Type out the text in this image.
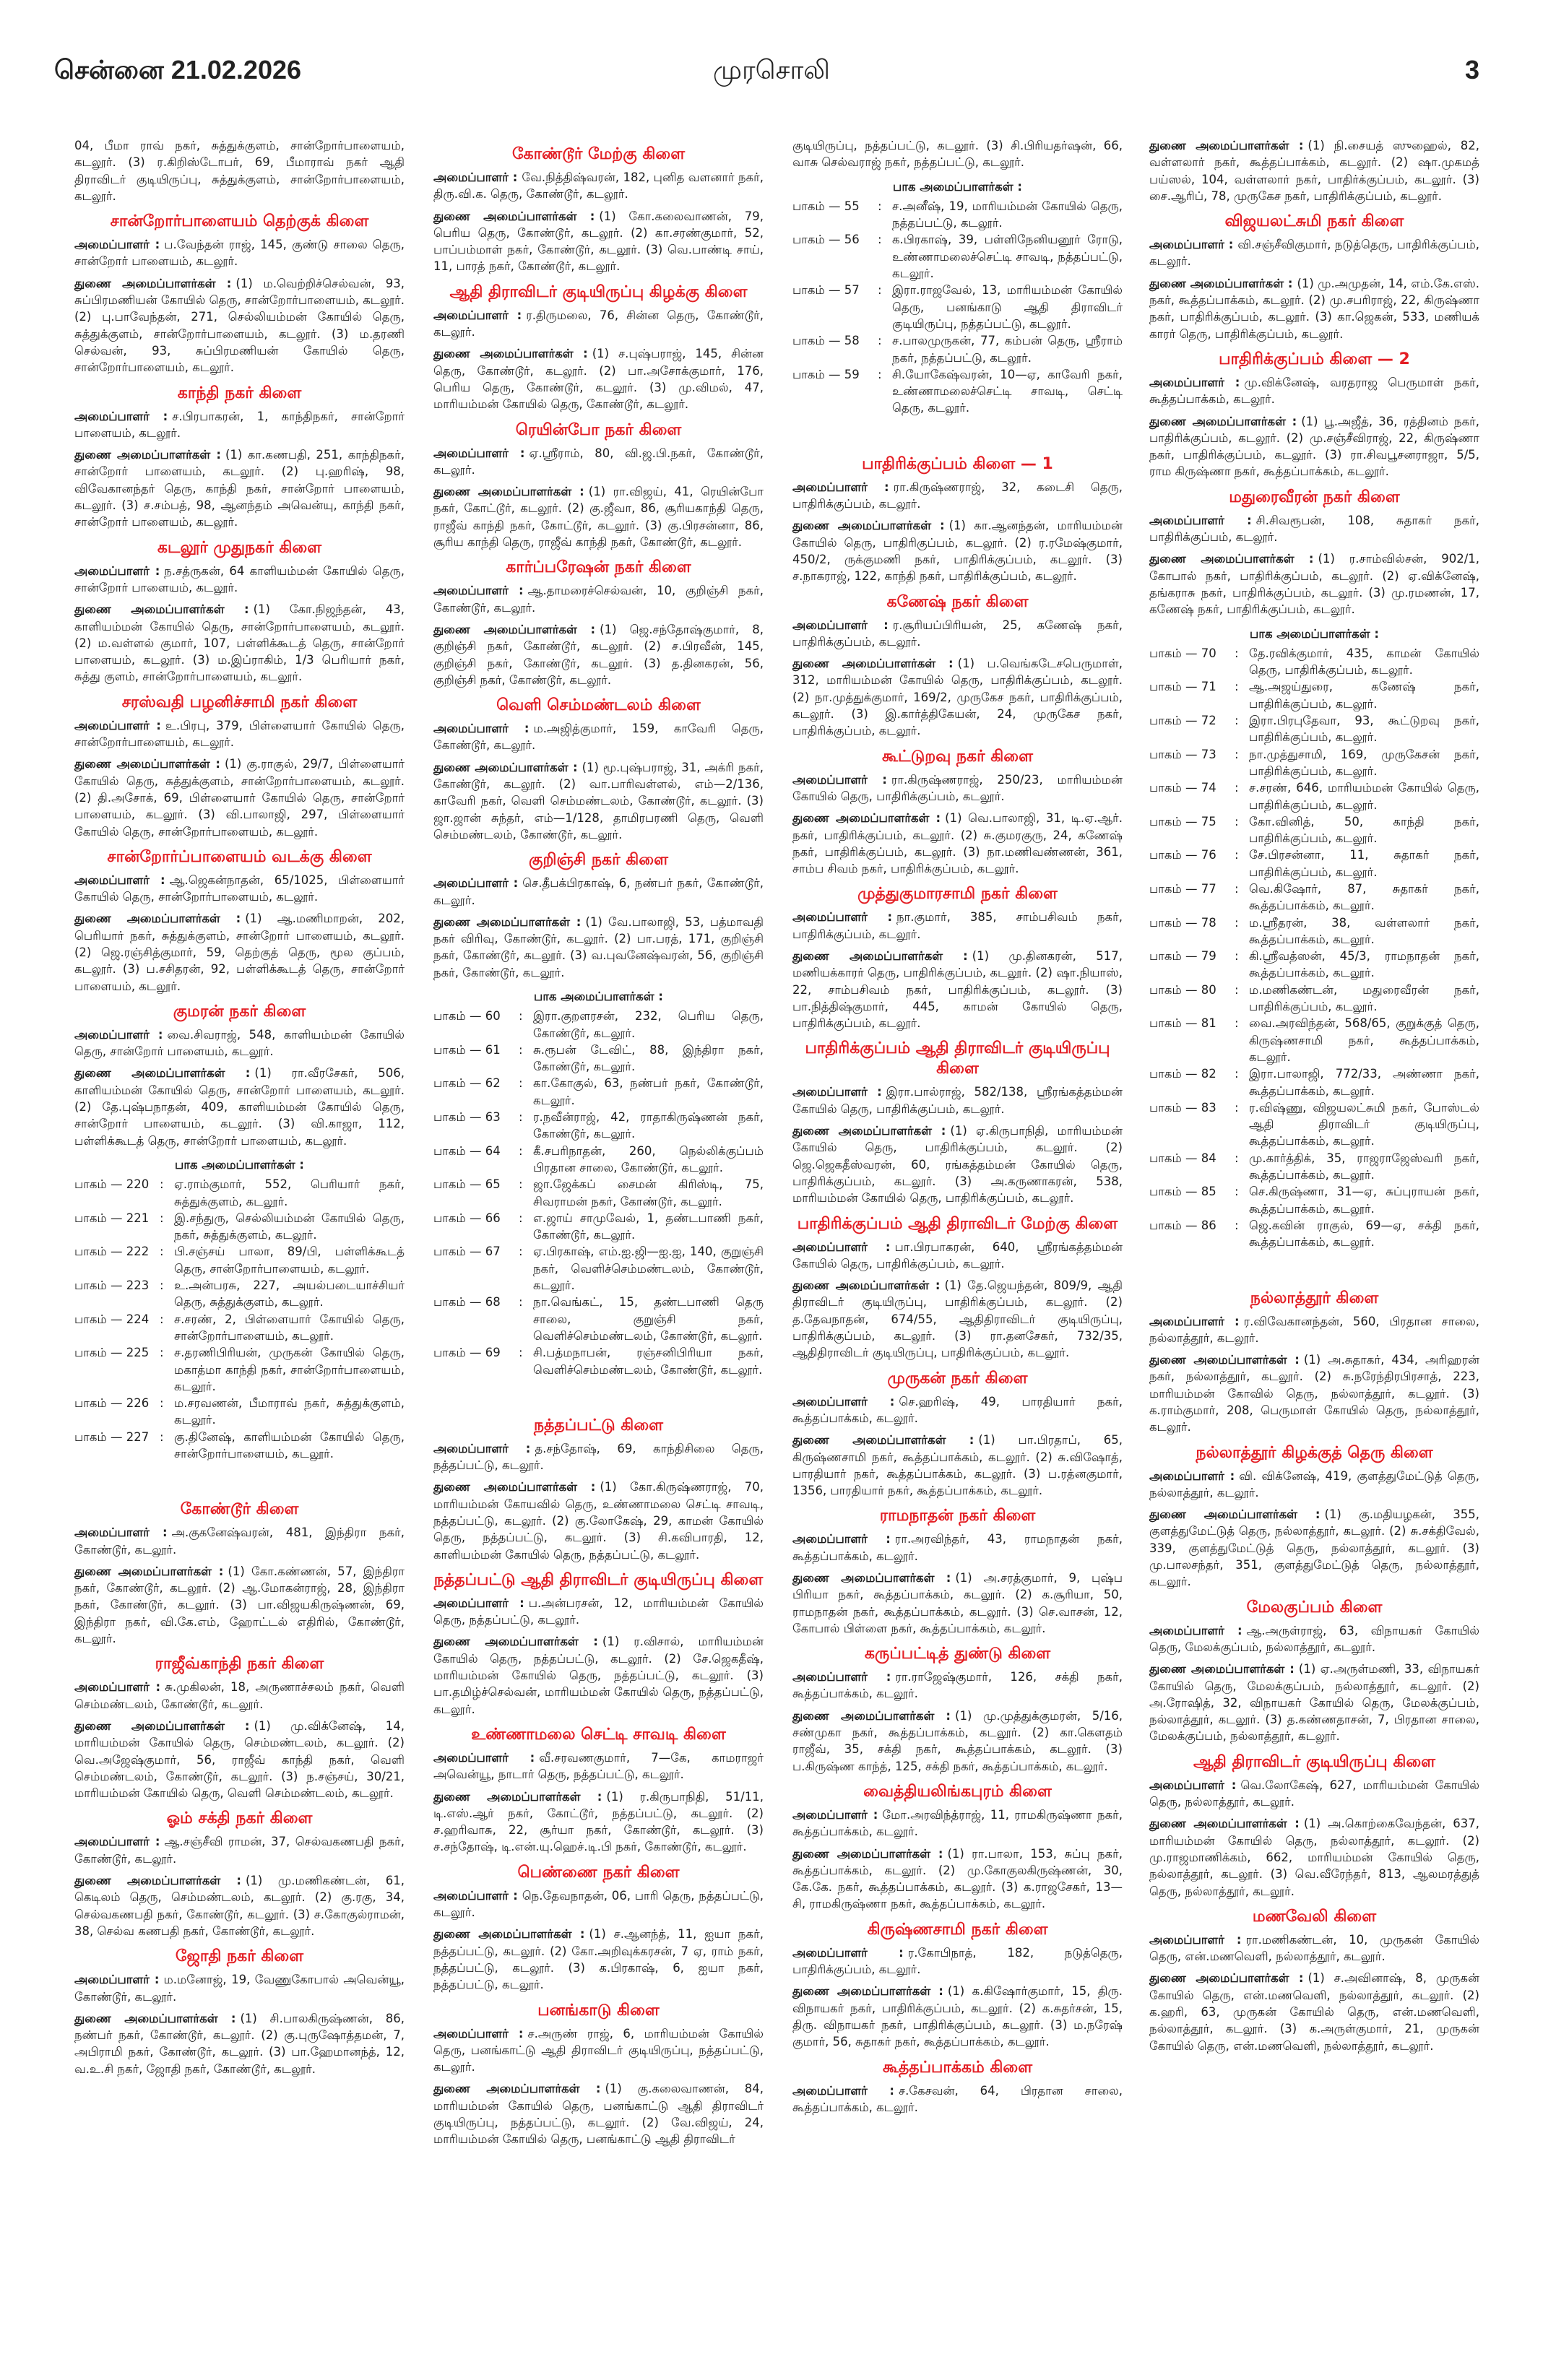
சென்னை 21.02.2026	முரசொலி	3
04, பீமா ராவ் நகர், சுத்துக்குளம், சான்றோர்பாளையம், கடலூர். (3) ர.கிறிஸ்டோபர், 69, பீமாராவ் நகர் ஆதி திராவிடர் குடியிருப்பு, சுத்துக்குளம், சான்றோர்பாளையம், கடலூர்.
சான்றோர்பாளையம் தெற்குக் கிளை
அமைப்பாளர் : ப.வேந்தன் ராஜ், 145, குண்டு சாலை தெரு, சான்றோர் பாளையம், கடலூர்.
துணை அமைப்பாளர்கள் : (1) ம.வெற்றிச்செல்வன், 93, சுப்பிரமணியன் கோயில் தெரு, சான்றோர்பாளையம், கடலூர். (2) பு.பாவேந்தன், 271, செல்லியம்மன் கோயில் தெரு, சுத்துக்குளம், சான்றோர்பாளையம், கடலூர். (3) ம.தரணி செல்வன், 93, சுப்பிரமணியன் கோயில் தெரு, சான்றோர்பாளையம், கடலூர்.
காந்தி நகர் கிளை
அமைப்பாளர் : ச.பிரபாகரன், 1, காந்திநகர், சான்றோர் பாளையம், கடலூர்.
துணை அமைப்பாளர்கள் : (1) கா.கணபதி, 251, காந்திநகர், சான்றோர் பாளையம், கடலூர். (2) பு.ஹரிஷ், 98, விவேகானந்தர் தெரு, காந்தி நகர், சான்றோர் பாளையம், கடலூர். (3) ச.சம்பத், 98, ஆனந்தம் அவென்யு, காந்தி நகர், சான்றோர் பாளையம், கடலூர்.
கடலூர் முதுநகர் கிளை
அமைப்பாளர் : ந.சத்ருகன், 64 காளியம்மன் கோயில் தெரு, சான்றோர் பாளையம், கடலூர்.
துணை அமைப்பாளர்கள் : (1) கோ.நிஜந்தன், 43, காளியம்மன் கோயில் தெரு, சான்றோர்பாளையம், கடலூர். (2) ம.வள்ளல் குமார், 107, பள்ளிக்கூடத் தெரு, சான்றோர் பாளையம், கடலூர். (3) ம.இப்ராகிம், 1/3 பெரியார் நகர், சுத்து குளம், சான்றோர்பாளையம், கடலூர்.
சரஸ்வதி பழனிச்சாமி நகர் கிளை
அமைப்பாளர் : உ.பிரபு, 379, பிள்ளையார் கோயில் தெரு, சான்றோர்பாளையம், கடலூர்.
துணை அமைப்பாளர்கள் : (1) கு.ராகுல், 29/7, பிள்ளையார் கோயில் தெரு, சுத்துக்குளம், சான்றோர்பாளையம், கடலூர். (2) தி.அசோக், 69, பிள்ளையார் கோயில் தெரு, சான்றோர் பாளையம், கடலூர். (3) வி.பாலாஜி, 297, பிள்ளையார் கோயில் தெரு, சான்றோர்பாளையம், கடலூர்.
சான்றோர்ப்பாளையம் வடக்கு கிளை
அமைப்பாளர் : ஆ.ஜெகன்நாதன், 65/1025, பிள்ளையார் கோயில் தெரு, சான்றோர்பாளையம், கடலூர்.
துணை அமைப்பாளர்கள் : (1) ஆ.மணிமாறன், 202, பெரியார் நகர், சுத்துக்குளம், சான்றோர் பாளையம், கடலூர். (2) ஜெ.ரஞ்சித்குமார், 59, தெற்குத் தெரு, மூல குப்பம், கடலூர். (3) ப.சசிதரன், 92, பள்ளிக்கூடத் தெரு, சான்றோர் பாளையம், கடலூர்.
குமரன் நகர் கிளை
அமைப்பாளர் : வை.சிவராஜ், 548, காளியம்மன் கோயில் தெரு, சான்றோர் பாளையம், கடலூர்.
துணை அமைப்பாளர்கள் : (1) ரா.வீரசேகர், 506, காளியம்மன் கோயில் தெரு, சான்றோர் பாளையம், கடலூர். (2) தே.புஷ்பநாதன், 409, காளியம்மன் கோயில் தெரு, சான்றோர் பாளையம், கடலூர். (3) வி.காஜா, 112, பள்ளிக்கூடத் தெரு, சான்றோர் பாளையம், கடலூர்.
பாக அமைப்பாளர்கள் :
பாகம் — 220 : ஏ.ராம்குமார், 552, பெரியார் நகர், சுத்துக்குளம், கடலூர்.
பாகம் — 221 : இ.சந்துரு, செல்லியம்மன் கோயில் தெரு, நகர், சுத்துக்குளம், கடலூர்.
பாகம் — 222 : பி.சஞ்சய் பாலா, 89/பி, பள்ளிக்கூடத் தெரு, சான்றோர்பாளையம், கடலூர்.
பாகம் — 223 : உ.அன்பரசு, 227, அயல்படையாச்சியர் தெரு, சுத்துக்குளம், கடலூர்.
பாகம் — 224 : ச.சரண், 2, பிள்ளையார் கோயில் தெரு, சான்றோர்பாளையம், கடலூர்.
பாகம் — 225 : ச.தரணிபிரியன், முருகன் கோயில் தெரு, மகாத்மா காந்தி நகர், சான்றோர்பாளையம், கடலூர்.
பாகம் — 226 : ம.சரவணன், பீமாராவ் நகர், சுத்துக்குளம், கடலூர்.
பாகம் — 227 : கு.தினேஷ், காளியம்மன் கோயில் தெரு, சான்றோர்பாளையம், கடலூர்.
கோண்டூர் கிளை
அமைப்பாளர் : அ.குகனேஷ்வரன், 481, இந்திரா நகர், கோண்டூர், கடலூர்.
துணை அமைப்பாளர்கள் : (1) கோ.கண்ணன், 57, இந்திரா நகர், கோண்டூர், கடலூர். (2) ஆ.மோகன்ராஜ், 28, இந்திரா நகர், கோண்டூர், கடலூர். (3) பா.விஜயகிருஷ்ணன், 69, இந்திரா நகர், வி.கே.எம், ஹோட்டல் எதிரில், கோண்டூர், கடலூர்.
ராஜீவ்காந்தி நகர் கிளை
அமைப்பாளர் : சு.முகிலன், 18, அருணாச்சலம் நகர், வெளி செம்மண்டலம், கோண்டூர், கடலூர்.
துணை அமைப்பாளர்கள் : (1) மு.விக்னேஷ், 14, மாரியம்மன் கோயில் தெரு, செம்மண்டலம், கடலூர். (2) வெ.அஜேஷ்குமார், 56, ராஜீவ் காந்தி நகர், வெளி செம்மண்டலம், கோண்டூர், கடலூர். (3) ந.சஞ்சய், 30/21, மாரியம்மன் கோயில் தெரு, வெளி செம்மண்டலம், கடலூர்.
ஓம் சக்தி நகர் கிளை
அமைப்பாளர் : ஆ.சஞ்சீவி ராமன், 37, செல்வகணபதி நகர், கோண்டூர், கடலூர்.
துணை அமைப்பாளர்கள் : (1) மு.மணிகண்டன், 61, கெடிலம் தெரு, செம்மண்டலம், கடலூர். (2) கு.ரகு, 34, செல்வகணபதி நகர், கோண்டூர், கடலூர். (3) ச.கோகுல்ராமன், 38, செல்வ கணபதி நகர், கோண்டூர், கடலூர்.
ஜோதி நகர் கிளை
அமைப்பாளர் : ம.மனோஜ், 19, வேணுகோபால் அவென்யூ, கோண்டூர், கடலூர்.
துணை அமைப்பாளர்கள் : (1) சி.பாலகிருஷ்ணன், 86, நண்பர் நகர், கோண்டூர், கடலூர். (2) கு.புருஷோத்தமன், 7, அபிராமி நகர், கோண்டூர், கடலூர். (3) பா.ஹேமானந்த், 12, வ.உ.சி நகர், ஜோதி நகர், கோண்டூர், கடலூர்.
கோண்டூர் மேற்கு கிளை
அமைப்பாளர் : வே.நித்திஷ்வரன், 182, புனித வளனார் நகர், திரு.வி.க. தெரு, கோண்டூர், கடலூர்.
துணை அமைப்பாளர்கள் : (1) கோ.கலைவாணன், 79, பெரிய தெரு, கோண்டூர், கடலூர். (2) கா.சரண்குமார், 52, பாப்பம்மாள் நகர், கோண்டூர், கடலூர். (3) வெ.பாண்டி சாய், 11, பாரத் நகர், கோண்டூர், கடலூர்.
ஆதி திராவிடர் குடியிருப்பு கிழக்கு கிளை
அமைப்பாளர் : ர.திருமலை, 76, சின்ன தெரு, கோண்டூர், கடலூர்.
துணை அமைப்பாளர்கள் : (1) ச.புஷ்பராஜ், 145, சின்ன தெரு, கோண்டூர், கடலூர். (2) பா.அசோக்குமார், 176, பெரிய தெரு, கோண்டூர், கடலூர். (3) மு.விமல், 47, மாரியம்மன் கோயில் தெரு, கோண்டூர், கடலூர்.
ரெயின்போ நகர் கிளை
அமைப்பாளர் : ஏ.ஸ்ரீராம், 80, வி.ஜ.பி.நகர், கோண்டூர், கடலூர்.
துணை அமைப்பாளர்கள் : (1) ரா.விஜய், 41, ரெயின்போ நகர், கோட்டூர், கடலூர். (2) கு.ஜீவா, 86, சூரியகாந்தி தெரு, ராஜீவ் காந்தி நகர், கோட்டூர், கடலூர். (3) கு.பிரசன்னா, 86, சூரிய காந்தி தெரு, ராஜீவ் காந்தி நகர், கோண்டூர், கடலூர்.
கார்ப்பரேஷன் நகர் கிளை
அமைப்பாளர் : ஆ.தாமரைச்செல்வன், 10, குறிஞ்சி நகர், கோண்டூர், கடலூர்.
துணை அமைப்பாளர்கள் : (1) ஜெ.சந்தோஷ்குமார், 8, குறிஞ்சி நகர், கோண்டூர், கடலூர். (2) ச.பிரவீன், 145, குறிஞ்சி நகர், கோண்டூர், கடலூர். (3) த.தினகரன், 56, குறிஞ்சி நகர், கோண்டூர், கடலூர்.
வெளி செம்மண்டலம் கிளை
அமைப்பாளர் : ம.அஜித்குமார், 159, காவேரி தெரு, கோண்டூர், கடலூர்.
துணை அமைப்பாளர்கள் : (1) மூ.புஷ்பராஜ், 31, அக்ரி நகர், கோண்டூர், கடலூர். (2) வா.பாரிவள்ளல், எம்—2/136, காவேரி நகர், வெளி செம்மண்டலம், கோண்டூர், கடலூர். (3) ஜா.ஜான் சுந்தர், எம்—1/128, தாமிரபரணி தெரு, வெளி செம்மண்டலம், கோண்டூர், கடலூர்.
குறிஞ்சி நகர் கிளை
அமைப்பாளர் : செ.தீபக்பிரகாஷ், 6, நண்பர் நகர், கோண்டூர், கடலூர்.
துணை அமைப்பாளர்கள் : (1) வே.பாலாஜி, 53, பத்மாவதி நகர் விரிவு, கோண்டூர், கடலூர். (2) பா.பரத், 171, குறிஞ்சி நகர், கோண்டூர், கடலூர். (3) வ.புவனேஷ்வரன், 56, குறிஞ்சி நகர், கோண்டூர், கடலூர்.
பாக அமைப்பாளர்கள் :
பாகம் — 60	: இரா.குறளரசன், 232, பெரிய தெரு, கோண்டூர், கடலூர்.
பாகம் — 61	: சு.ரூபன் டேவிட், 88, இந்திரா நகர், கோண்டூர், கடலூர்.
பாகம் — 62	: கா.கோகுல், 63, நண்பர் நகர், கோண்டூர், கடலூர்.
பாகம் — 63	: ர.நவீன்ராஜ், 42, ராதாகிருஷ்ணன் நகர், கோண்டூர், கடலூர்.
பாகம் — 64	: கீ.சபரிநாதன், 260, நெல்லிக்குப்பம் பிரதான சாலை, கோண்டூர், கடலூர்.
பாகம் — 65	: ஜா.ஜேக்கப் சைமன் கிரிஸ்டி, 75, சிவராமன் நகர், கோண்டூர், கடலூர்.
பாகம் — 66	: எ.ஜாய் சாமுவேல், 1, தண்டபாணி நகர், கோண்டூர், கடலூர்.
பாகம் — 67	: ஏ.பிரகாஷ், எம்.ஐ.ஜி—ஐ.ஐ, 140, குறுஞ்சி நகர், வெளிச்செம்மண்டலம், கோண்டூர், கடலூர்.
பாகம் — 68	: நா.வெங்கட், 15, தண்டபாணி தெரு சாலை, குறுஞ்சி நகர், வெளிச்செம்மண்டலம், கோண்டூர், கடலூர்.
பாகம் — 69	: சி.பத்மநாபன், ரஞ்சனிபிரியா நகர், வெளிச்செம்மண்டலம், கோண்டூர், கடலூர்.
நத்தப்பட்டு கிளை
அமைப்பாளர் : த.சந்தோஷ், 69, காந்திசிலை தெரு, நத்தப்பட்டு, கடலூர்.
துணை அமைப்பாளர்கள் : (1) கோ.கிருஷ்ணராஜ், 70, மாரியம்மன் கோயவில் தெரு, உண்ணாமலை செட்டி சாவடி, நத்தப்பட்டு, கடலூர். (2) கு.லோகேஷ், 29, காமன் கோயில் தெரு, நத்தப்பட்டு, கடலூர். (3) சி.கவிபாரதி, 12, காளியம்மன் கோயில் தெரு, நத்தப்பட்டு, கடலூர்.
நத்தப்பட்டு ஆதி திராவிடர் குடியிருப்பு கிளை
அமைப்பாளர் : ப.அன்பரசன், 12, மாரியம்மன் கோயில் தெரு, நத்தப்பட்டு, கடலூர்.
துணை அமைப்பாளர்கள் : (1) ர.விசால், மாரியம்மன் கோயில் தெரு, நத்தப்பட்டு, கடலூர். (2) சே.ஜெகதீஷ், மாரியம்மன் கோயில் தெரு, நத்தப்பட்டு, கடலூர். (3) பா.தமிழ்ச்செல்வன், மாரியம்மன் கோயில் தெரு, நத்தப்பட்டு, கடலூர்.
உண்ணாமலை செட்டி சாவடி கிளை
அமைப்பாளர் : வீ.சரவணகுமார், 7—கே, காமராஜர் அவென்யூ, நாடார் தெரு, நத்தப்பட்டு, கடலூர்.
துணை அமைப்பாளர்கள் : (1) ர.கிருபாநிதி, 51/11, டி.எஸ்.ஆர் நகர், கோட்டூர், நத்தப்பட்டு, கடலூர். (2) ச.ஹரிவாசு, 22, சூர்யா நகர், கோண்டூர், கடலூர். (3) ச.சந்தோஷ், டி.என்.யு.ஹெச்.டி.பி நகர், கோண்டூர், கடலூர்.
பெண்ணை நகர் கிளை
அமைப்பாளர் : நெ.தேவநாதன், 06, பாரி தெரு, நத்தப்பட்டு, கடலூர்.
துணை அமைப்பாளர்கள் : (1) ச.ஆனந்த், 11, ஐயா நகர், நத்தப்பட்டு, கடலூர். (2) கோ.அறிவுக்கரசன், 7 ஏ, ராம் நகர், நத்தப்பட்டு, கடலூர். (3) க.பிரகாஷ், 6, ஐயா நகர், நத்தப்பட்டு, கடலூர்.
பனங்காடு கிளை
அமைப்பாளர் : ச.அருண் ராஜ், 6, மாரியம்மன் கோயில் தெரு, பனங்காட்டு ஆதி திராவிடர் குடியிருப்பு, நத்தப்பட்டு, கடலூர்.
துணை அமைப்பாளர்கள் : (1) கு.கலைவாணன், 84, மாரியம்மன் கோயில் தெரு, பனங்காட்டு ஆதி திராவிடர் குடியிருப்பு, நத்தப்பட்டு, கடலூர். (2) வே.விஜய், 24, மாரியம்மன் கோயில் தெரு, பனங்காட்டு ஆதி திராவிடர்
குடியிருப்பு, நத்தப்பட்டு, கடலூர். (3) சி.பிரியதர்ஷன், 66, வாசு செல்வராஜ் நகர், நத்தப்பட்டு, கடலூர்.
பாக அமைப்பாளர்கள் :
பாகம் — 55	: ச.அனீஷ், 19, மாரியம்மன் கோயில் தெரு, நத்தப்பட்டு, கடலூர்.
பாகம் — 56	: க.பிரகாஷ், 39, பள்ளிநேனியனூர் ரோடு, உண்ணாமலைச்செட்டி சாவடி, நத்தப்பட்டு, கடலூர்.
பாகம் — 57	: இரா.ராஜவேல், 13, மாரியம்மன் கோயில் தெரு, பனங்காடு ஆதி திராவிடர் குடியிருப்பு, நத்தப்பட்டு, கடலூர்.
பாகம் — 58	: ச.பாலமுருகன், 77, கம்பன் தெரு, ஸ்ரீராம் நகர், நத்தப்பட்டு, கடலூர்.
பாகம் — 59	: சி.யோகேஷ்வரன், 10—ஏ, காவேரி நகர், உண்ணாமலைச்செட்டி சாவடி, செட்டி தெரு, கடலூர்.
பாதிரிக்குப்பம் கிளை — 1
அமைப்பாளர் : ரா.கிருஷ்ணராஜ், 32, கடைசி தெரு, பாதிரிக்குப்பம், கடலூர்.
துணை அமைப்பாளர்கள் : (1) கா.ஆனந்தன், மாரியம்மன் கோயில் தெரு, பாதிரிகுப்பம், கடலூர். (2) ர.ரமேஷ்குமார், 450/2, ருக்குமணி நகர், பாதிரிக்குப்பம், கடலூர். (3) ச.நாகராஜ், 122, காந்தி நகர், பாதிரிக்குப்பம், கடலூர்.
கணேஷ் நகர் கிளை
அமைப்பாளர் : ர.சூரியப்பிரியன், 25, கணேஷ் நகர், பாதிரிக்குப்பம், கடலூர்.
துணை அமைப்பாளர்கள் : (1) ப.வெங்கடேசபெருமாள், 312, மாரியம்மன் கோயில் தெரு, பாதிரிக்குப்பம், கடலூர். (2) நா.முத்துக்குமார், 169/2, முருகேச நகர், பாதிரிக்குப்பம், கடலூர். (3) இ.கார்த்திகேயன், 24, முருகேச நகர், பாதிரிக்குப்பம், கடலூர்.
கூட்டுறவு நகர் கிளை
அமைப்பாளர் : ரா.கிருஷ்ணராஜ், 250/23, மாரியம்மன் கோயில் தெரு, பாதிரிக்குப்பம், கடலூர்.
துணை அமைப்பாளர்கள் : (1) வெ.பாலாஜி, 31, டி.ஏ.ஆர். நகர், பாதிரிக்குப்பம், கடலூர். (2) சு.குமரகுரு, 24, கணேஷ் நகர், பாதிரிக்குப்பம், கடலூர். (3) நா.மணிவண்ணன், 361, சாம்ப சிவம் நகர், பாதிரிக்குப்பம், கடலூர்.
முத்துகுமாரசாமி நகர் கிளை
அமைப்பாளர் : நா.குமார், 385, சாம்பசிவம் நகர், பாதிரிக்குப்பம், கடலூர்.
துணை அமைப்பாளர்கள் : (1) மு.தினகரன், 517, மணியக்காரர் தெரு, பாதிரிக்குப்பம், கடலூர். (2) ஷா.நியாஸ், 22, சாம்பசிவம் நகர், பாதிரிக்குப்பம், கடலூர். (3) பா.நித்திஷ்குமார், 445, காமன் கோயில் தெரு, பாதிரிக்குப்பம், கடலூர்.
பாதிரிக்குப்பம் ஆதி திராவிடர் குடியிருப்பு கிளை
அமைப்பாளர் : இரா.பால்ராஜ், 582/138, ஸ்ரீரங்கத்தம்மன் கோயில் தெரு, பாதிரிக்குப்பம், கடலூர்.
துணை அமைப்பாளர்கள் : (1) ஏ.கிருபாநிதி, மாரியம்மன் கோயில் தெரு, பாதிரிக்குப்பம், கடலூர். (2) ஜெ.ஜெகதீஸ்வரன், 60, ரங்கத்தம்மன் கோயில் தெரு, பாதிரிக்குப்பம், கடலூர். (3) அ.கருணாகரன், 538, மாரியம்மன் கோயில் தெரு, பாதிரிக்குப்பம், கடலூர்.
பாதிரிக்குப்பம் ஆதி திராவிடர் மேற்கு கிளை
அமைப்பாளர் : பா.பிரபாகரன், 640, ஸ்ரீரங்கத்தம்மன் கோயில் தெரு, பாதிரிக்குப்பம், கடலூர்.
துணை அமைப்பாளர்கள் : (1) தே.ஜெயந்தன், 809/9, ஆதி திராவிடர் குடியிருப்பு, பாதிரிக்குப்பம், கடலூர். (2) த.தேவநாதன், 674/55, ஆதிதிராவிடர் குடியிருப்பு, பாதிரிக்குப்பம், கடலூர். (3) ரா.தனசேகர், 732/35, ஆதிதிராவிடர் குடியிருப்பு, பாதிரிக்குப்பம், கடலூர்.
முருகன் நகர் கிளை
அமைப்பாளர் : செ.ஹரிஷ், 49, பாரதியார் நகர், கூத்தப்பாக்கம், கடலூர்.
துணை அமைப்பாளர்கள் : (1) பா.பிரதாப், 65, கிருஷ்ணசாமி நகர், கூத்தப்பாக்கம், கடலூர். (2) சு.விஷோத், பாரதியார் நகர், கூத்தப்பாக்கம், கடலூர். (3) ப.ரத்னகுமார், 1356, பாரதியார் நகர், கூத்தப்பாக்கம், கடலூர்.
ராமநாதன் நகர் கிளை
அமைப்பாளர் : ரா.அரவிந்தர், 43, ராமநாதன் நகர், கூத்தப்பாக்கம், கடலூர்.
துணை அமைப்பாளர்கள் : (1) அ.சரத்குமார், 9, புஷ்ப பிரியா நகர், கூத்தப்பாக்கம், கடலூர். (2) க.சூரியா, 50, ராமநாதன் நகர், கூத்தப்பாக்கம், கடலூர். (3) செ.வாசன், 12, கோபால் பிள்ளை நகர், கூத்தப்பாக்கம், கடலூர்.
கருப்பட்டித் துண்டு கிளை
அமைப்பாளர் : ரா.ராஜேஷ்குமார், 126, சக்தி நகர், கூத்தப்பாக்கம், கடலூர்.
துணை அமைப்பாளர்கள் : (1) மு.முத்துக்குமரன், 5/16, சண்முகா நகர், கூத்தப்பாக்கம், கடலூர். (2) கா.கௌதம் ராஜீவ், 35, சக்தி நகர், கூத்தப்பாக்கம், கடலூர். (3) ப.கிருஷ்ண காந்த், 125, சக்தி நகர், கூத்தப்பாக்கம், கடலூர்.
வைத்தியலிங்கபுரம் கிளை
அமைப்பாளர் : மோ.அரவிந்த்ராஜ், 11, ராமகிருஷ்ணா நகர், கூத்தப்பாக்கம், கடலூர்.
துணை அமைப்பாளர்கள் : (1) ரா.பாலா, 153, சுப்பு நகர், கூத்தப்பாக்கம், கடலூர். (2) மு.கோகுலகிருஷ்ணன், 30, கே.கே. நகர், கூத்தப்பாக்கம், கடலூர். (3) க.ராஜசேகர், 13—சி, ராமகிருஷ்ணா நகர், கூத்தப்பாக்கம், கடலூர்.
கிருஷ்ணசாமி நகர் கிளை
அமைப்பாளர் : ர.கோபிநாத், 182, நடுத்தெரு, பாதிரிக்குப்பம், கடலூர்.
துணை அமைப்பாளர்கள் : (1) க.கிஷோர்குமார், 15, திரு. விநாயகர் நகர், பாதிரிக்குப்பம், கடலூர். (2) க.சுதர்சன், 15, திரு. விநாயகர் நகர், பாதிரிக்குப்பம், கடலூர். (3) ம.நரேஷ் குமார், 56, சுதாகர் நகர், கூத்தப்பாக்கம், கடலூர்.
கூத்தப்பாக்கம் கிளை
அமைப்பாளர் : ச.கேசவன், 64, பிரதான சாலை, கூத்தப்பாக்கம், கடலூர்.
துணை அமைப்பாளர்கள் : (1) நி.சையத் ஸுஹைல், 82, வள்ளலார் நகர், கூத்தப்பாக்கம், கடலூர். (2) ஷா.முகமத் பய்ஸல், 104, வள்ளலார் நகர், பாதிர்க்குப்பம், கடலூர். (3) சை.ஆரிப், 78, முருகேச நகர், பாதிரிக்குப்பம், கடலூர்.
விஜயலட்சுமி நகர் கிளை
அமைப்பாளர் : வி.சஞ்சீவிகுமார், நடுத்தெரு, பாதிரிக்குப்பம், கடலூர்.
துணை அமைப்பாளர்கள் : (1) மு.அமுதன், 14, எம்.கே.எஸ். நகர், கூத்தப்பாக்கம், கடலூர். (2) மு.சபரிராஜ், 22, கிருஷ்ணா நகர், பாதிரிக்குப்பம், கடலூர். (3) கா.ஜெகன், 533, மணியக் காரர் தெரு, பாதிரிக்குப்பம், கடலூர்.
பாதிரிக்குப்பம் கிளை — 2
அமைப்பாளர் : மு.விக்னேஷ், வரதராஜ பெருமாள் நகர், கூத்தப்பாக்கம், கடலூர்.
துணை அமைப்பாளர்கள் : (1) பூ.அஜீத், 36, ரத்தினம் நகர், பாதிரிக்குப்பம், கடலூர். (2) மு.சஞ்சீவிராஜ், 22, கிருஷ்ணா நகர், பாதிரிக்குப்பம், கடலூர். (3) ரா.சிவபூசனராஜா, 5/5, ராம கிருஷ்ணா நகர், கூத்தப்பாக்கம், கடலூர்.
மதுரைவீரன் நகர் கிளை
அமைப்பாளர் : சி.சிவரூபன், 108, சுதாகர் நகர், பாதிரிக்குப்பம், கடலூர்.
துணை அமைப்பாளர்கள் : (1) ர.சாம்வில்சன், 902/1, கோபால் நகர், பாதிரிக்குப்பம், கடலூர். (2) ஏ.விக்னேஷ், தங்கராசு நகர், பாதிரிக்குப்பம், கடலூர். (3) மு.ரமணன், 17, கணேஷ் நகர், பாதிரிக்குப்பம், கடலூர்.
பாக அமைப்பாளர்கள் :
பாகம் — 70	: தே.ரவிக்குமார், 435, காமன் கோயில் தெரு, பாதிரிக்குப்பம், கடலூர்.
பாகம் — 71	: ஆ.அஜய்துரை, கணேஷ் நகர், பாதிரிக்குப்பம், கடலூர்.
பாகம் — 72	: இரா.பிரபுதேவா, 93, கூட்டுறவு நகர், பாதிரிக்குப்பம், கடலூர்.
பாகம் — 73	: நா.முத்துசாமி, 169, முருகேசன் நகர், பாதிரிக்குப்பம், கடலூர்.
பாகம் — 74	: ச.சரண், 646, மாரியம்மன் கோயில் தெரு, பாதிரிக்குப்பம், கடலூர்.
பாகம் — 75	: கோ.வினித், 50, காந்தி நகர், பாதிரிக்குப்பம், கடலூர்.
பாகம் — 76	: சே.பிரசன்னா, 11, சுதாகர் நகர், பாதிரிக்குப்பம், கடலூர்.
பாகம் — 77	: வெ.கிஷோர், 87, சுதாகர் நகர், கூத்தப்பாக்கம், கடலூர்.
பாகம் — 78	: ம.ஸ்ரீதரன், 38, வள்ளலார் நகர், கூத்தப்பாக்கம், கடலூர்.
பாகம் — 79	: கி.ஸ்ரீவத்ஸன், 45/3, ராமநாதன் நகர், கூத்தப்பாக்கம், கடலூர்.
பாகம் — 80	: ம.மணிகண்டன், மதுரைவீரன் நகர், பாதிரிக்குப்பம், கடலூர்.
பாகம் — 81	: வை.அரவிந்தன், 568/65, குறுக்குத் தெரு, கிருஷ்ணசாமி நகர், கூத்தப்பாக்கம், கடலூர்.
பாகம் — 82	: இரா.பாலாஜி, 772/33, அண்ணா நகர், கூத்தப்பாக்கம், கடலூர்.
பாகம் — 83	: ர.விஷ்ணு, விஜயலட்சுமி நகர், போஸ்டல் ஆதி திராவிடர் குடியிருப்பு, கூத்தப்பாக்கம், கடலூர்.
பாகம் — 84	: மு.கார்த்திக், 35, ராஜராஜேஸ்வரி நகர், கூத்தப்பாக்கம், கடலூர்.
பாகம் — 85	: செ.கிருஷ்ணா, 31—ஏ, சுப்புராயன் நகர், கூத்தப்பாக்கம், கடலூர்.
பாகம் — 86	: ஜெ.கவின் ராகுல், 69—ஏ, சக்தி நகர், கூத்தப்பாக்கம், கடலூர்.
நல்லாத்தூர் கிளை
அமைப்பாளர் : ர.விவேகானந்தன், 560, பிரதான சாலை, நல்லாத்தூர், கடலூர்.
துணை அமைப்பாளர்கள் : (1) அ.சுதாகர், 434, அரிஹரன் நகர், நல்லாத்தூர், கடலூர். (2) சு.நரேந்திரபிரசாத், 223, மாரியம்மன் கோவில் தெரு, நல்லாத்தூர், கடலூர். (3) க.ராம்குமார், 208, பெருமாள் கோயில் தெரு, நல்லாத்தூர், கடலூர்.
நல்லாத்தூர் கிழக்குத் தெரு கிளை
அமைப்பாளர் : வி. விக்னேஷ், 419, குளத்துமேட்டுத் தெரு, நல்லாத்தூர், கடலூர்.
துணை அமைப்பாளர்கள் : (1) கு.மதியழகன், 355, குளத்துமேட்டுத் தெரு, நல்லாத்தூர், கடலூர். (2) சு.சக்திவேல், 339, குளத்துமேட்டுத் தெரு, நல்லாத்தூர், கடலூர். (3) மு.பாலசந்தர், 351, குளத்துமேட்டுத் தெரு, நல்லாத்தூர், கடலூர்.
மேலகுப்பம் கிளை
அமைப்பாளர் : ஆ.அருள்ராஜ், 63, விநாயகர் கோயில் தெரு, மேலக்குப்பம், நல்லாத்தூர், கடலூர்.
துணை அமைப்பாளர்கள் : (1) ஏ.அருள்மணி, 33, விநாயகர் கோயில் தெரு, மேலக்குப்பம், நல்லாத்தூர், கடலூர். (2) அ.ரோஷித், 32, விநாயகர் கோயில் தெரு, மேலக்குப்பம், நல்லாத்தூர், கடலூர். (3) த.கண்ணதாசன், 7, பிரதான சாலை, மேலக்குப்பம், நல்லாத்தூர், கடலூர்.
ஆதி திராவிடர் குடியிருப்பு கிளை
அமைப்பாளர் : வெ.லோகேஷ், 627, மாரியம்மன் கோயில் தெரு, நல்லாத்தூர், கடலூர்.
துணை அமைப்பாளர்கள் : (1) அ.கொற்கைவேந்தன், 637, மாரியம்மன் கோயில் தெரு, நல்லாத்தூர், கடலூர். (2) மு.ராஜமாணிக்கம், 662, மாரியம்மன் கோயில் தெரு, நல்லாத்தூர், கடலூர். (3) வெ.வீரேந்தர், 813, ஆலமரத்துத் தெரு, நல்லாத்தூர், கடலூர்.
மணவேலி கிளை
அமைப்பாளர் : ரா.மணிகண்டன், 10, முருகன் கோயில் தெரு, என்.மணவெளி, நல்லாத்தூர், கடலூர்.
துணை அமைப்பாளர்கள் : (1) ச.அவினாஷ், 8, முருகன் கோயில் தெரு, என்.மணவெளி, நல்லாத்தூர், கடலூர். (2) க.ஹரி, 63, முருகன் கோயில் தெரு, என்.மணவெளி, நல்லாத்தூர், கடலூர். (3) க.அருள்குமார், 21, முருகன் கோயில் தெரு, என்.மணவெளி, நல்லாத்தூர், கடலூர்.
